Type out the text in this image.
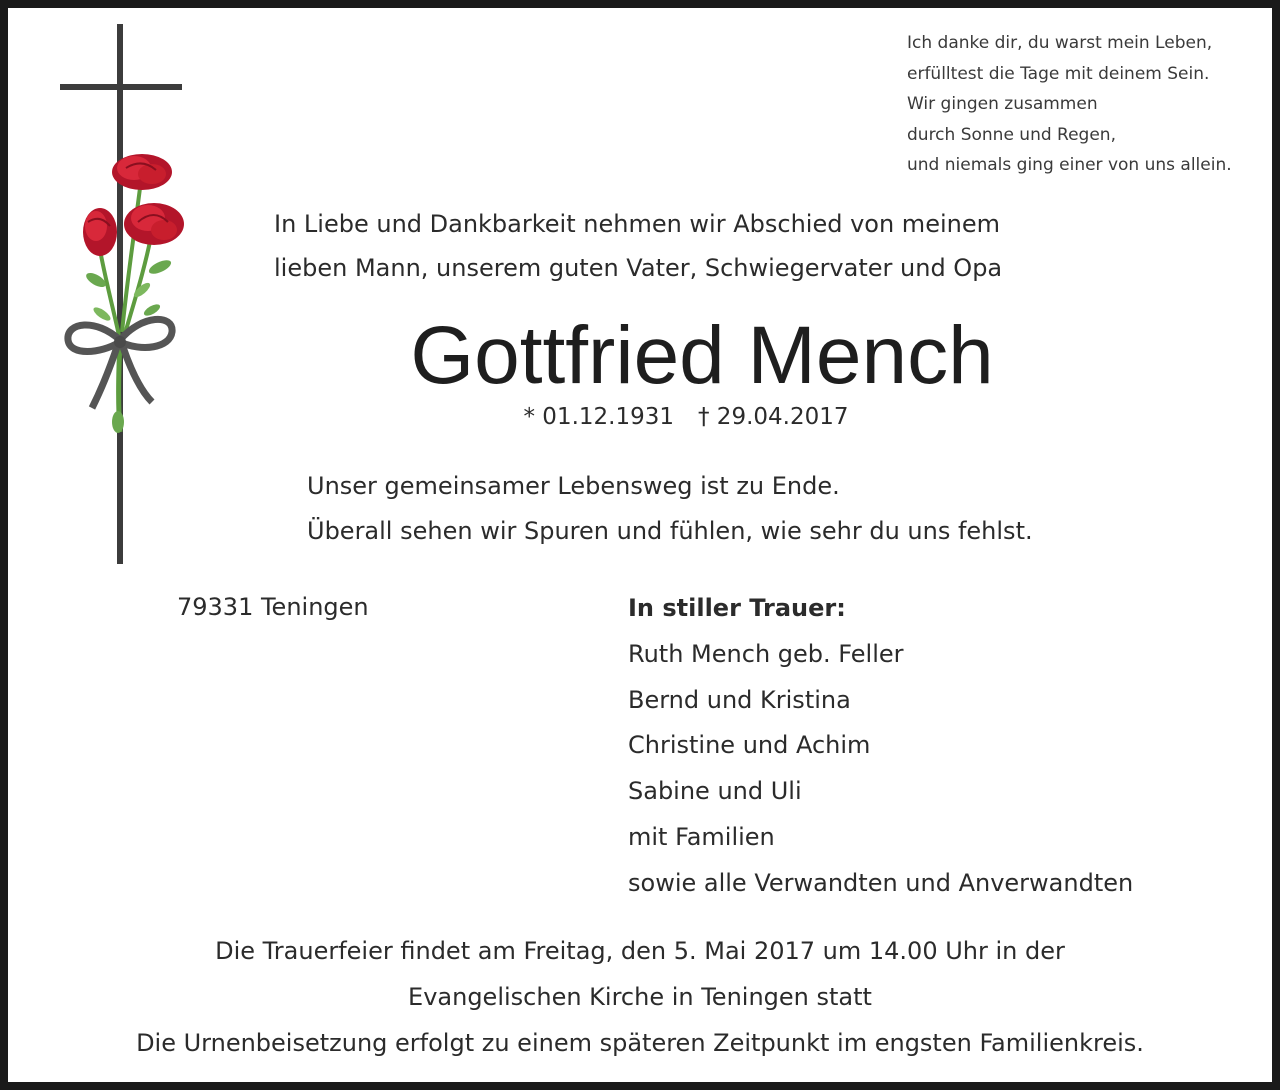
Ich danke dir, du warst mein Leben,
erfülltest die Tage mit deinem Sein.
Wir gingen zusammen
durch Sonne und Regen,
und niemals ging einer von uns allein.
In Liebe und Dankbarkeit nehmen wir Abschied von meinem
lieben Mann, unserem guten Vater, Schwiegervater und Opa
Gottfried Mench
* 01.12.1931 † 29.04.2017
Unser gemeinsamer Lebensweg ist zu Ende.
Überall sehen wir Spuren und fühlen, wie sehr du uns fehlst.
79331 Teningen	In stiller Trauer:
Ruth Mench geb. Feller
Bernd und Kristina
Christine und Achim
Sabine und Uli
mit Familien
sowie alle Verwandten und Anverwandten
Die Trauerfeier findet am Freitag, den 5. Mai 2017 um 14.00 Uhr in der
Evangelischen Kirche in Teningen statt
Die Urnenbeisetzung erfolgt zu einem späteren Zeitpunkt im engsten Familienkreis.
